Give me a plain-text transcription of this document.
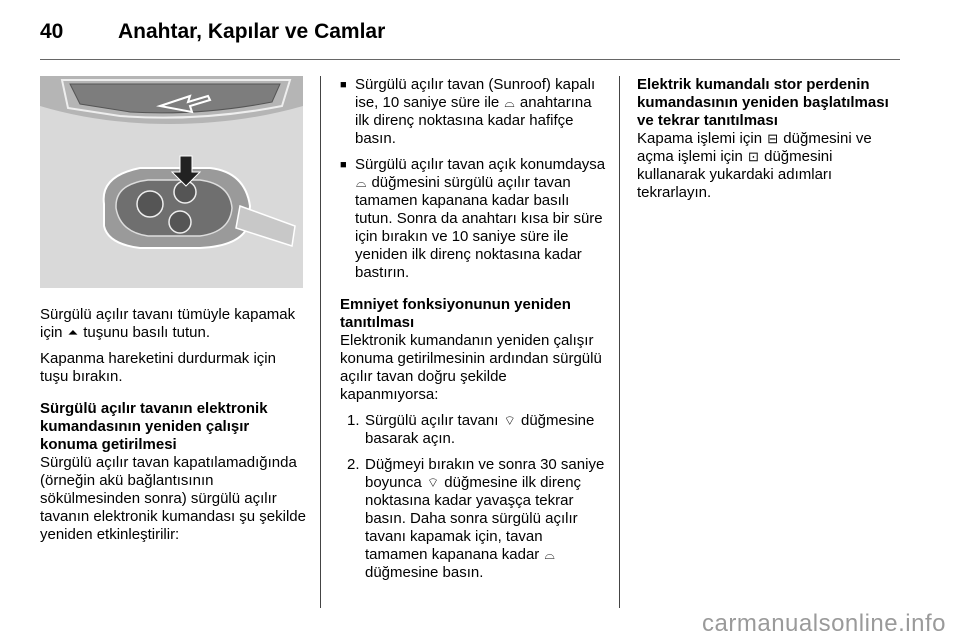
40	Anahtar, Kapılar ve Camlar

Sürgülü açılır tavanı tümüyle kapamak için ⏶ tuşunu basılı tutun.

Kapanma hareketini durdurmak için tuşu bırakın.

Sürgülü açılır tavanın elektronik kumandasının yeniden çalışır konuma getirilmesi

Sürgülü açılır tavan kapatılamadığında (örneğin akü bağlantısının sökülmesinden sonra) sürgülü açılır tavanın elektronik kumandası şu şekilde yeniden etkinleştirilir:

■ Sürgülü açılır tavan (Sunroof) kapalı ise, 10 saniye süre ile ⌓ anahtarına ilk direnç noktasına kadar hafifçe basın.
■ Sürgülü açılır tavan açık konumdaysa ⌓ düğmesini sürgülü açılır tavan tamamen kapanana kadar basılı tutun. Sonra da anahtarı kısa bir süre için bırakın ve 10 saniye süre ile yeniden ilk direnç noktasına kadar bastırın.
Emniyet fonksiyonunun yeniden tanıtılması

Elektronik kumandanın yeniden çalışır konuma getirilmesinin ardından sürgülü açılır tavan doğru şekilde kapanmıyorsa:

1. Sürgülü açılır tavanı ⌔ düğmesine basarak açın.
2. Düğmeyi bırakın ve sonra 30 saniye boyunca ⌔ düğmesine ilk direnç noktasına kadar yavaşça tekrar basın. Daha sonra sürgülü açılır tavanı kapamak için, tavan tamamen kapanana kadar ⌓ düğmesine basın.
Elektrik kumandalı stor perdenin kumandasının yeniden başlatılması ve tekrar tanıtılması

Kapama işlemi için ⊟ düğmesini ve açma işlemi için ⊡ düğmesini kullanarak yukardaki adımları tekrarlayın.

carmanualsonline.info
